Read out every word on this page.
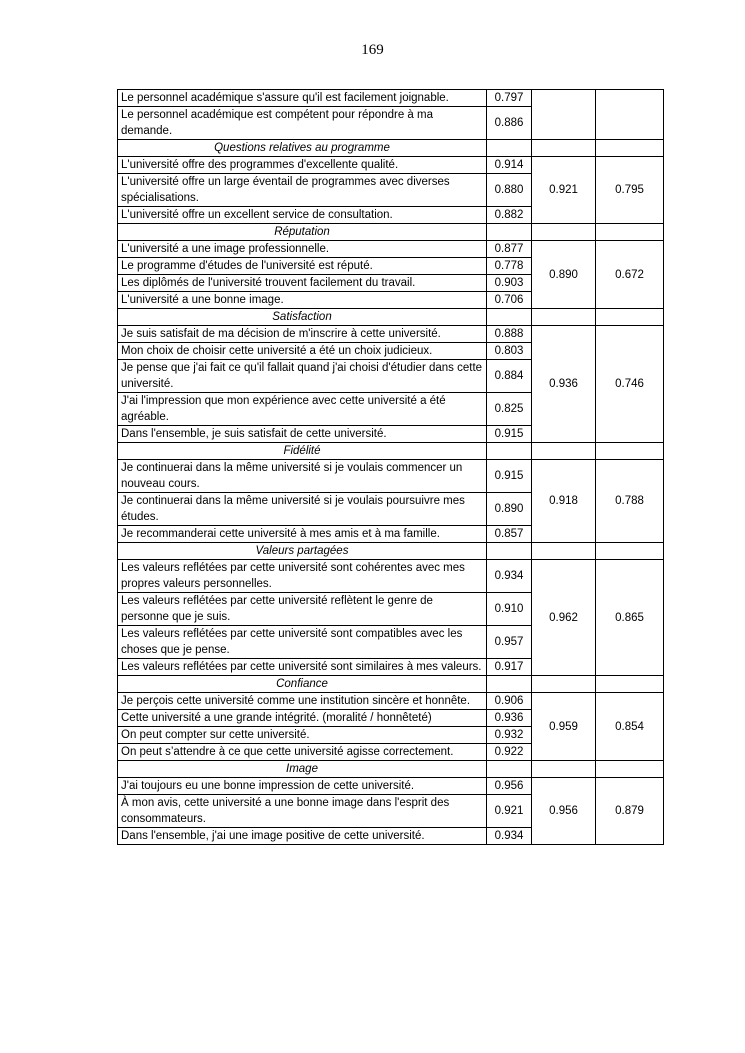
169
Le personnel académique s'assure qu'il est facilement joignable.	0.797		
Le personnel académique est compétent pour répondre à ma demande.	0.886		
Questions relatives au programme			
L'université offre des programmes d'excellente qualité.	0.914	0.921	0.795
L'université offre un large éventail de programmes avec diverses spécialisations.	0.880		
L'université offre un excellent service de consultation.	0.882		
Réputation			
L'université a une image professionnelle.	0.877	0.890	0.672
Le programme d'études de l'université est réputé.	0.778		
Les diplômés de l'université trouvent facilement du travail.	0.903		
L'université a une bonne image.	0.706		
Satisfaction			
Je suis satisfait de ma décision de m'inscrire à cette université.	0.888	0.936	0.746
Mon choix de choisir cette université a été un choix judicieux.	0.803		
Je pense que j'ai fait ce qu'il fallait quand j'ai choisi d'étudier dans cette université.	0.884		
J'ai l'impression que mon expérience avec cette université a été agréable.	0.825		
Dans l'ensemble, je suis satisfait de cette université.	0.915		
Fidélité			
Je continuerai dans la même université si je voulais commencer un nouveau cours.	0.915	0.918	0.788
Je continuerai dans la même université si je voulais poursuivre mes études.	0.890		
Je recommanderai cette université à mes amis et à ma famille.	0.857		
Valeurs partagées			
Les valeurs reflétées par cette université sont cohérentes avec mes propres valeurs personnelles.	0.934	0.962	0.865
Les valeurs reflétées par cette université reflètent le genre de personne que je suis.	0.910		
Les valeurs reflétées par cette université sont compatibles avec les choses que je pense.	0.957		
Les valeurs reflétées par cette université sont similaires à mes valeurs.	0.917		
Confiance			
Je perçois cette université comme une institution sincère et honnête.	0.906	0.959	0.854
Cette université a une grande intégrité. (moralité / honnêteté)	0.936		
On peut compter sur cette université.	0.932		
On peut s’attendre à ce que cette université agisse correctement.	0.922		
Image			
J'ai toujours eu une bonne impression de cette université.	0.956	0.956	0.879
À mon avis, cette université a une bonne image dans l'esprit des consommateurs.	0.921		
Dans l'ensemble, j'ai une image positive de cette université.	0.934		
